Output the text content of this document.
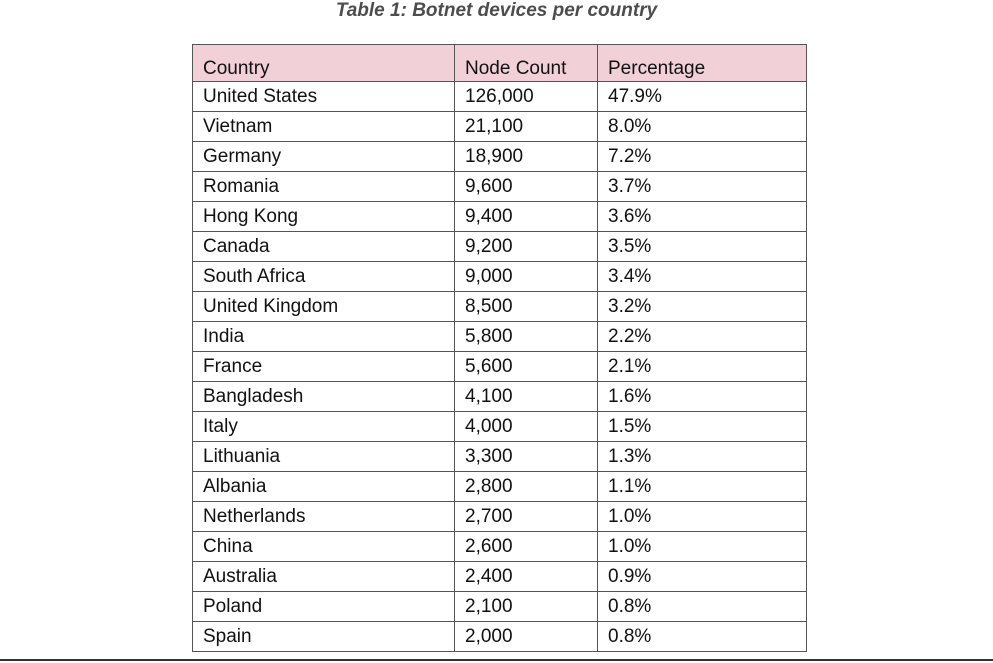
Table 1: Botnet devices per country
Country	Node Count	Percentage
United States	126,000	47.9%
Vietnam	21,100	8.0%
Germany	18,900	7.2%
Romania	9,600	3.7%
Hong Kong	9,400	3.6%
Canada	9,200	3.5%
South Africa	9,000	3.4%
United Kingdom	8,500	3.2%
India	5,800	2.2%
France	5,600	2.1%
Bangladesh	4,100	1.6%
Italy	4,000	1.5%
Lithuania	3,300	1.3%
Albania	2,800	1.1%
Netherlands	2,700	1.0%
China	2,600	1.0%
Australia	2,400	0.9%
Poland	2,100	0.8%
Spain	2,000	0.8%
